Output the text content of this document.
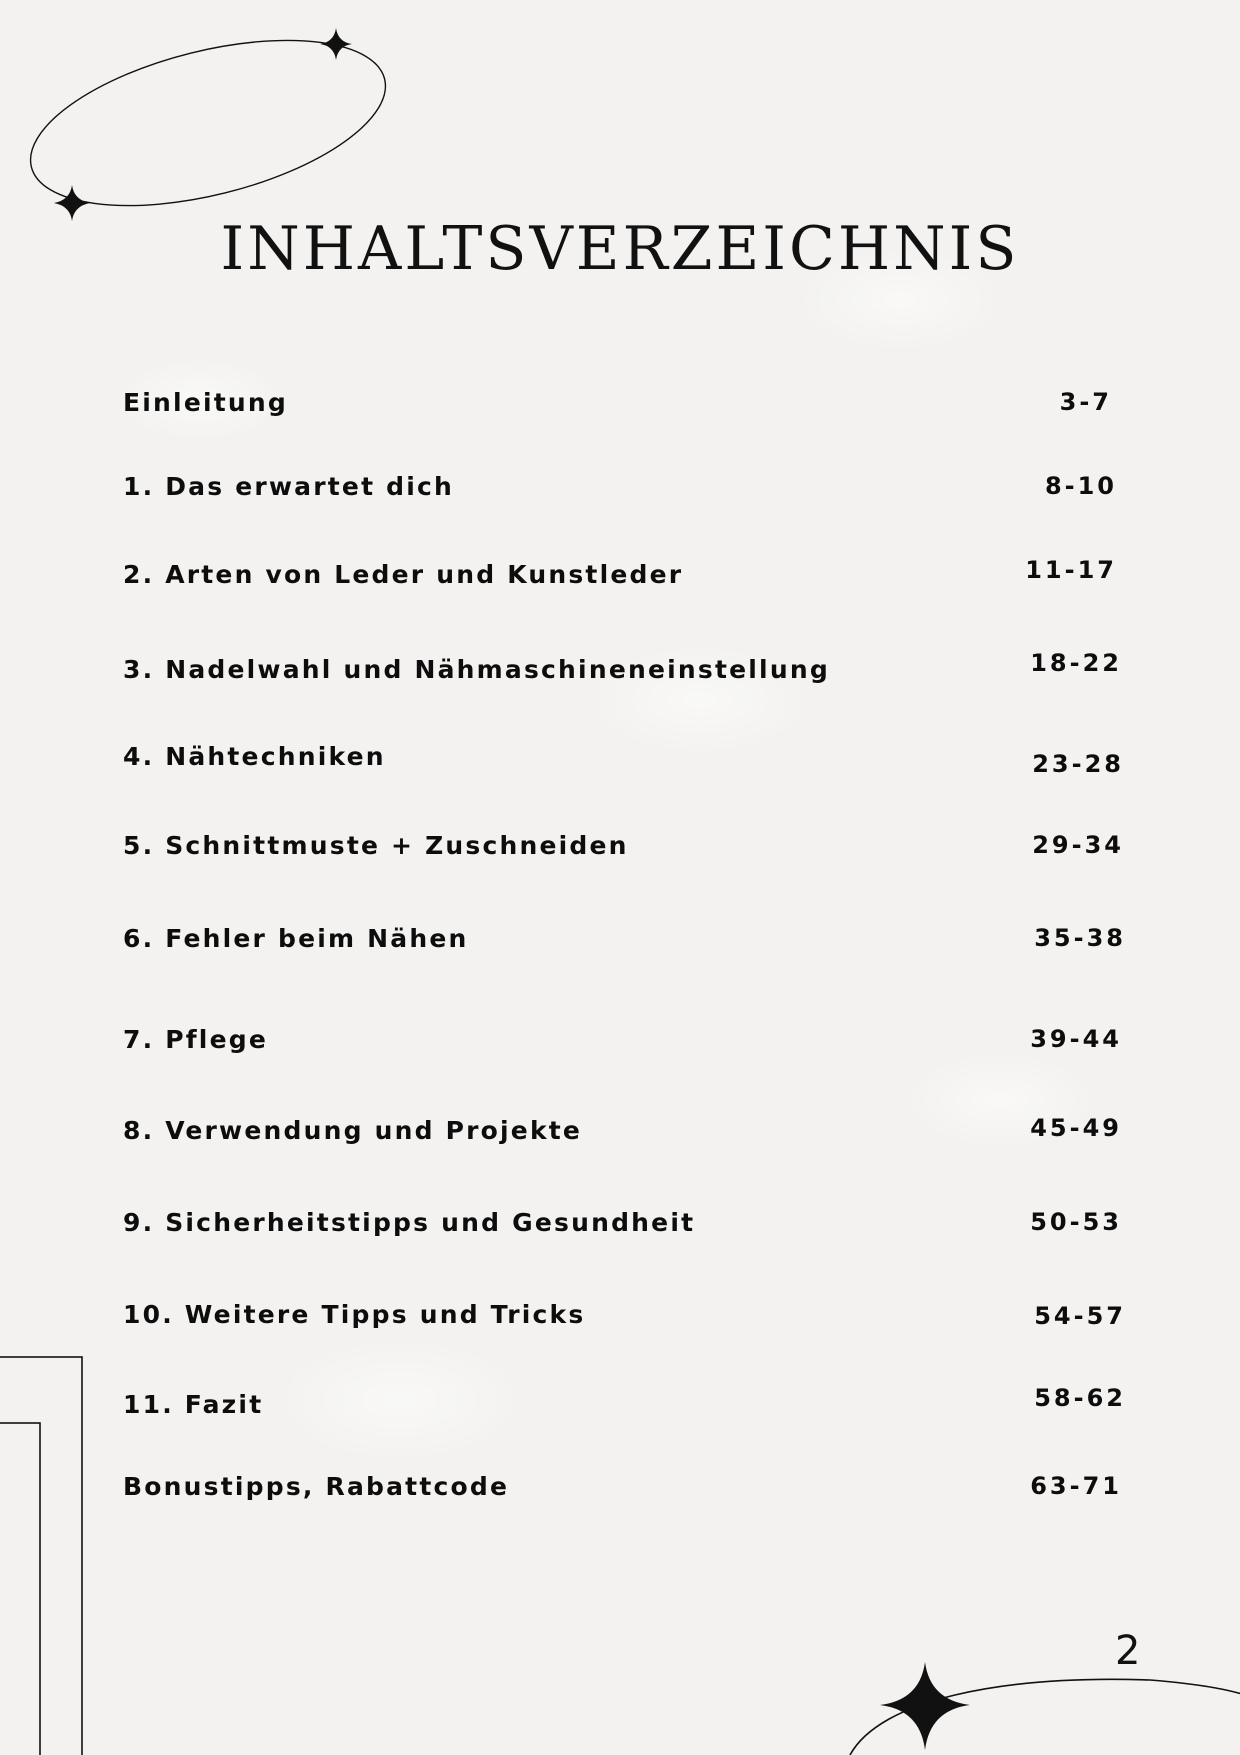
INHALTSVERZEICHNIS
Einleitung	3-7
1. Das erwartet dich	8-10
2. Arten von Leder und Kunstleder	11-17
3. Nadelwahl und Nähmaschineneinstellung	18-22
4. Nähtechniken	23-28
5. Schnittmuste + Zuschneiden	29-34
6. Fehler beim Nähen	35-38
7. Pflege	39-44
8. Verwendung und Projekte	45-49
9. Sicherheitstipps und Gesundheit	50-53
10. Weitere Tipps und Tricks	54-57
11. Fazit	58-62
Bonustipps, Rabattcode	63-71
2
